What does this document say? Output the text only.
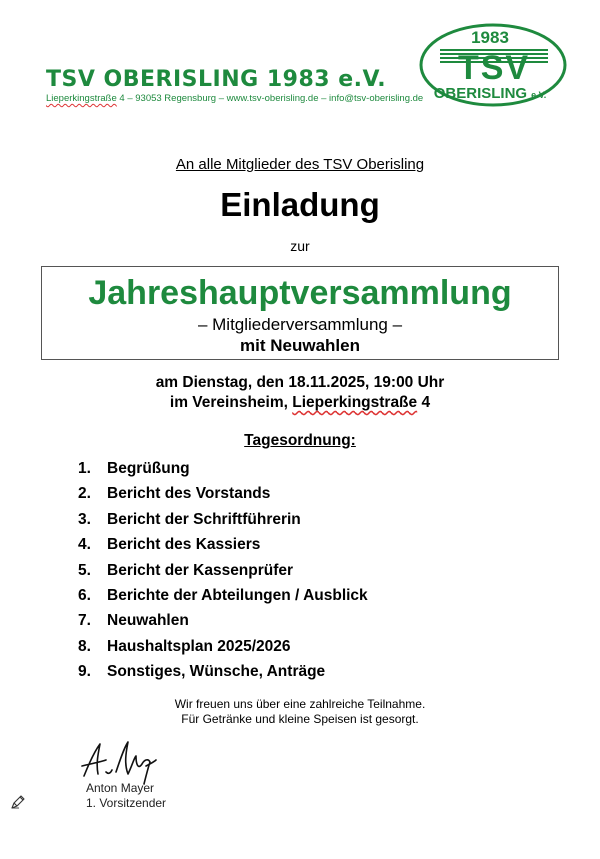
TSV OBERISLING 1983 e.V.
Lieperkingstraße 4 – 93053 Regensburg – www.tsv-oberisling.de – info@tsv-oberisling.de
1983
TSV
OBERISLING e.V.
An alle Mitglieder des TSV Oberisling
Einladung
zur
Jahreshauptversammlung
– Mitgliederversammlung –
mit Neuwahlen
am Dienstag, den 18.11.2025, 19:00 Uhr
im Vereinsheim, Lieperkingstraße 4
Tagesordnung:
1. Begrüßung
2. Bericht des Vorstands
3. Bericht der Schriftführerin
4. Bericht des Kassiers
5. Bericht der Kassenprüfer
6. Berichte der Abteilungen / Ausblick
7. Neuwahlen
8. Haushaltsplan 2025/2026
9. Sonstiges, Wünsche, Anträge
Wir freuen uns über eine zahlreiche Teilnahme.
Für Getränke und kleine Speisen ist gesorgt.
Anton Mayer
1. Vorsitzender
